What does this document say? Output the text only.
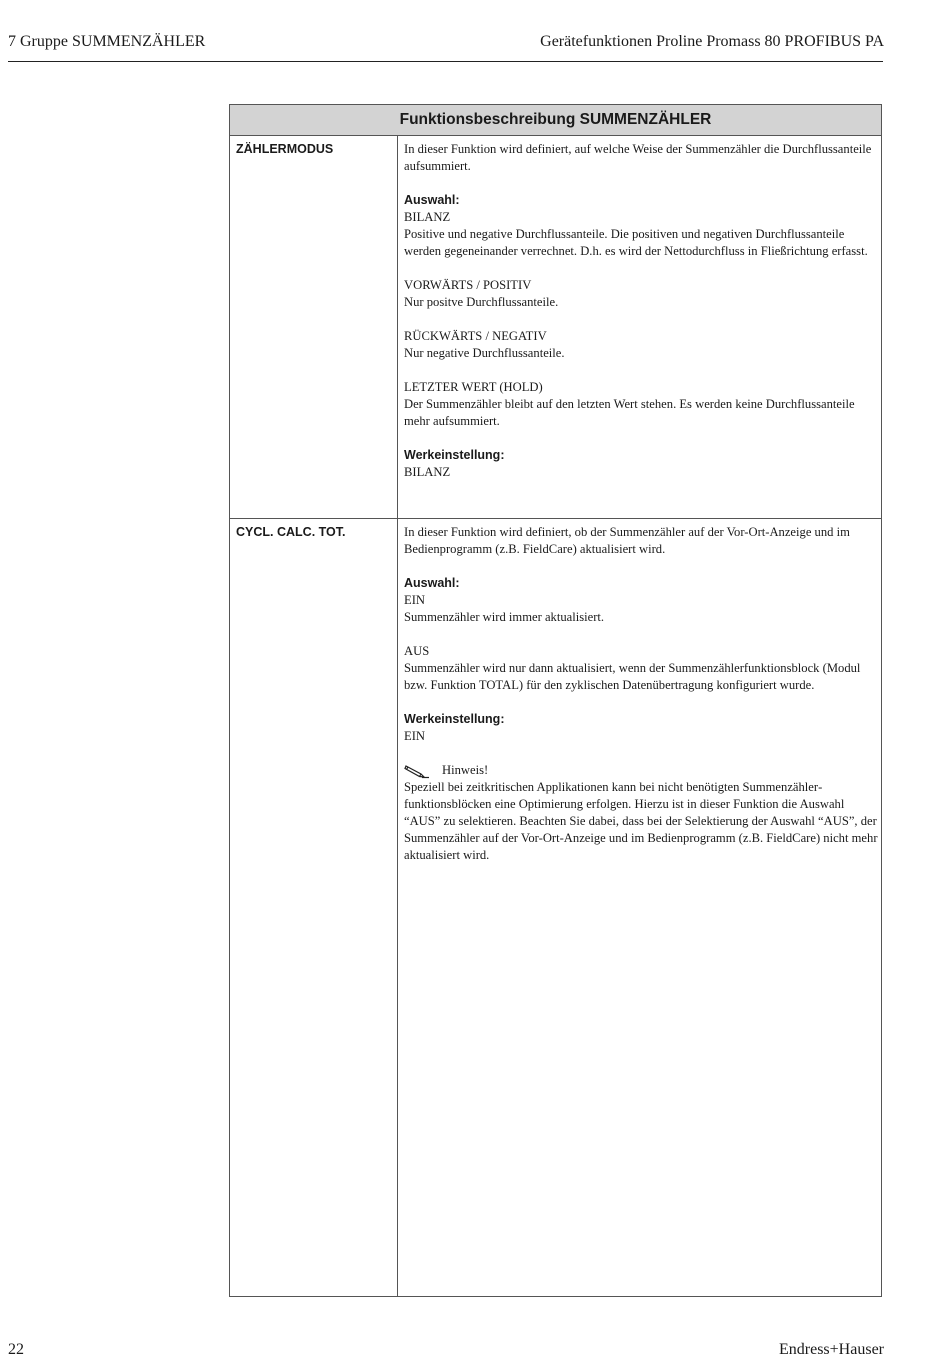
7 Gruppe SUMMENZÄHLER	Gerätefunktionen Proline Promass 80 PROFIBUS PA
Funktionsbeschreibung SUMMENZÄHLER
ZÄHLERMODUS	In dieser Funktion wird definiert, auf welche Weise der Summenzähler die Durchflussanteile aufsummiert.

Auswahl:
BILANZ
Positive und negative Durchflussanteile. Die positiven und negativen Durchflussanteile werden gegeneinander verrechnet. D.h. es wird der Nettodurchfluss in Fließrichtung erfasst.

VORWÄRTS / POSITIV
Nur positve Durchflussanteile.

RÜCKWÄRTS / NEGATIV
Nur negative Durchflussanteile.

LETZTER WERT (HOLD)
Der Summenzähler bleibt auf den letzten Wert stehen. Es werden keine Durchflussanteile mehr aufsummiert.

Werkeinstellung:
BILANZ

CYCL. CALC. TOT.	In dieser Funktion wird definiert, ob der Summenzähler auf der Vor-Ort-Anzeige und im Bedienprogramm (z.B. FieldCare) aktualisiert wird.

Auswahl:
EIN
Summenzähler wird immer aktualisiert.

AUS
Summenzähler wird nur dann aktualisiert, wenn der Summenzählerfunktionsblock (Modul bzw. Funktion TOTAL) für den zyklischen Datenübertragung konfiguriert wurde.

Werkeinstellung:
EIN

Hinweis!
Speziell bei zeitkritischen Applikationen kann bei nicht benötigten Summenzählerfunktionsblöcken eine Optimierung erfolgen. Hierzu ist in dieser Funktion die Auswahl “AUS” zu selektieren. Beachten Sie dabei, dass bei der Selektierung der Auswahl “AUS”, der Summenzähler auf der Vor-Ort-Anzeige und im Bedienprogramm (z.B. FieldCare) nicht mehr aktualisiert wird.
22	Endress+Hauser
